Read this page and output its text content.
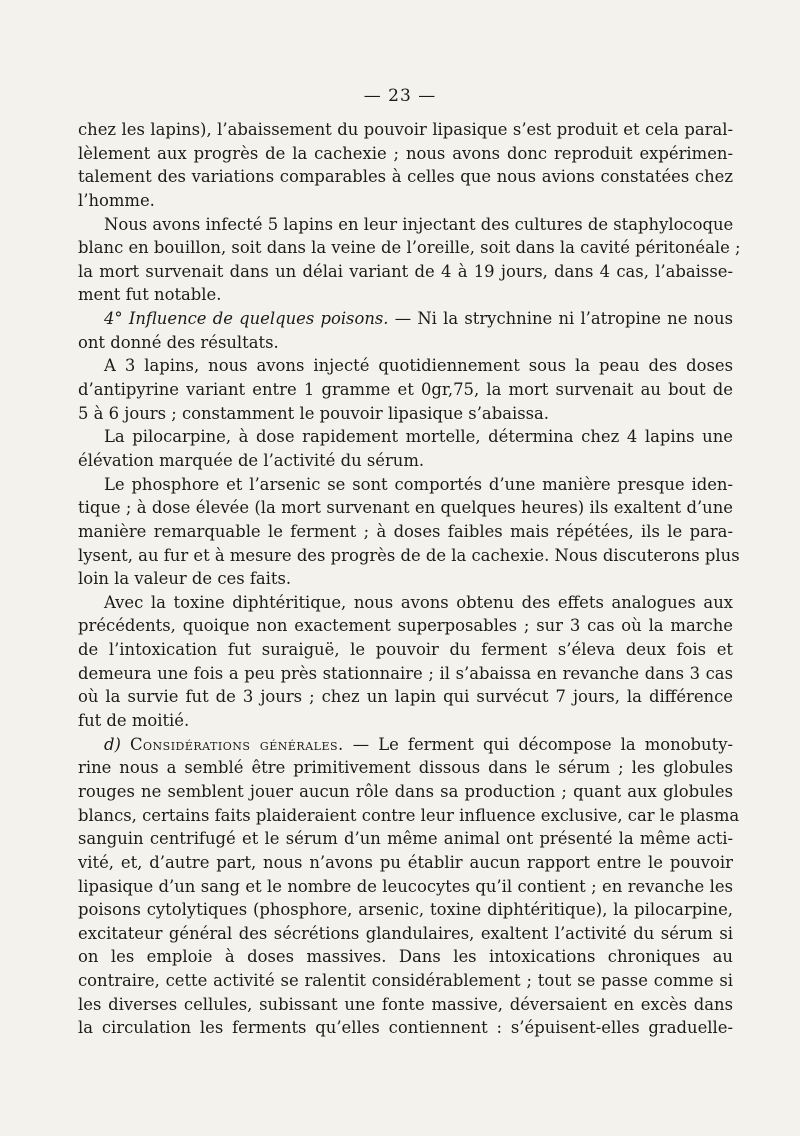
— 23 —
chez les lapins), l’abaissement du pouvoir lipasique s’est produit et cela paral-
lèlement aux progrès de la cachexie ; nous avons donc reproduit expérimen-
talement des variations comparables à celles que nous avions constatées chez
l’homme.
Nous avons infecté 5 lapins en leur injectant des cultures de staphylocoque
blanc en bouillon, soit dans la veine de l’oreille, soit dans la cavité péritonéale ;
la mort survenait dans un délai variant de 4 à 19 jours, dans 4 cas, l’abaisse-
ment fut notable.
4° Influence de quelques poisons. — Ni la strychnine ni l’atropine ne nous
ont donné des résultats.
A 3 lapins, nous avons injecté quotidiennement sous la peau des doses
d’antipyrine variant entre 1 gramme et 0gr,75, la mort survenait au bout de
5 à 6 jours ; constamment le pouvoir lipasique s’abaissa.
La pilocarpine, à dose rapidement mortelle, détermina chez 4 lapins une
élévation marquée de l’activité du sérum.
Le phosphore et l’arsenic se sont comportés d’une manière presque iden-
tique ; à dose élevée (la mort survenant en quelques heures) ils exaltent d’une
manière remarquable le ferment ; à doses faibles mais répétées, ils le para-
lysent, au fur et à mesure des progrès de de la cachexie. Nous discuterons plus
loin la valeur de ces faits.
Avec la toxine diphtéritique, nous avons obtenu des effets analogues aux
précédents, quoique non exactement superposables ; sur 3 cas où la marche
de l’intoxication fut suraiguë, le pouvoir du ferment s’éleva deux fois et
demeura une fois a peu près stationnaire ; il s’abaissa en revanche dans 3 cas
où la survie fut de 3 jours ; chez un lapin qui survécut 7 jours, la différence
fut de moitié.
d) Considérations générales. — Le ferment qui décompose la monobuty-
rine nous a semblé être primitivement dissous dans le sérum ; les globules
rouges ne semblent jouer aucun rôle dans sa production ; quant aux globules
blancs, certains faits plaideraient contre leur influence exclusive, car le plasma
sanguin centrifugé et le sérum d’un même animal ont présenté la même acti-
vité, et, d’autre part, nous n’avons pu établir aucun rapport entre le pouvoir
lipasique d’un sang et le nombre de leucocytes qu’il contient ; en revanche les
poisons cytolytiques (phosphore, arsenic, toxine diphtéritique), la pilocarpine,
excitateur général des sécrétions glandulaires, exaltent l’activité du sérum si
on les emploie à doses massives. Dans les intoxications chroniques au
contraire, cette activité se ralentit considérablement ; tout se passe comme si
les diverses cellules, subissant une fonte massive, déversaient en excès dans
la circulation les ferments qu’elles contiennent : s’épuisent-elles graduelle-
